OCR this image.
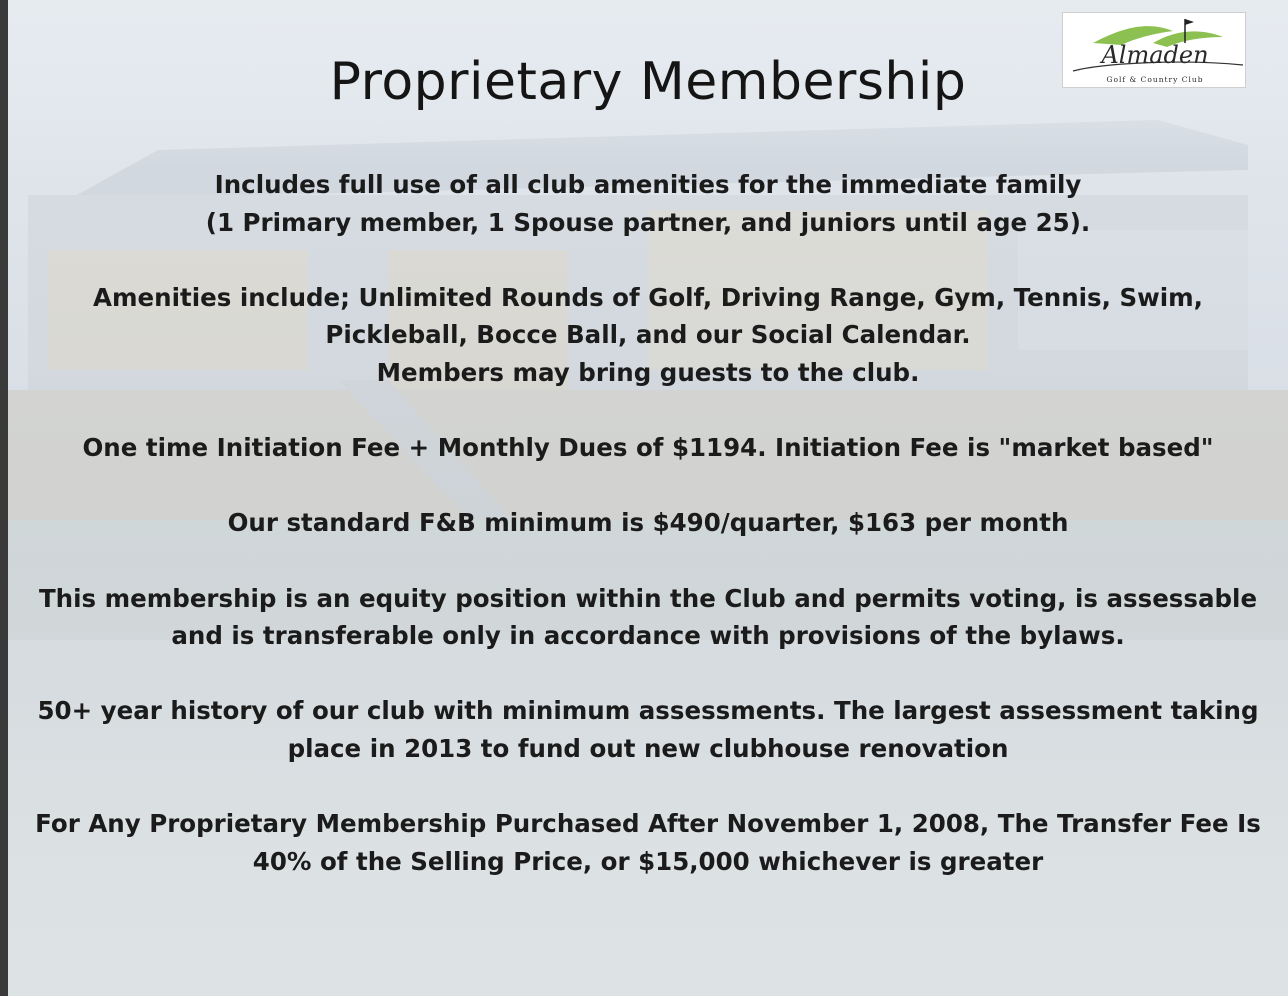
Proprietary Membership	Almaden
Golf & Country Club

Includes full use of all club amenities for the immediate family
(1 Primary member, 1 Spouse partner, and juniors until age 25).

Amenities include; Unlimited Rounds of Golf, Driving Range, Gym, Tennis, Swim,
Pickleball, Bocce Ball, and our Social Calendar.
Members may bring guests to the club.

One time Initiation Fee + Monthly Dues of $1194. Initiation Fee is "market based"

Our standard F&B minimum is $490/quarter, $163 per month

This membership is an equity position within the Club and permits voting, is assessable
and is transferable only in accordance with provisions of the bylaws.

50+ year history of our club with minimum assessments. The largest assessment taking
place in 2013 to fund out new clubhouse renovation

For Any Proprietary Membership Purchased After November 1, 2008, The Transfer Fee Is
40% of the Selling Price, or $15,000 whichever is greater
